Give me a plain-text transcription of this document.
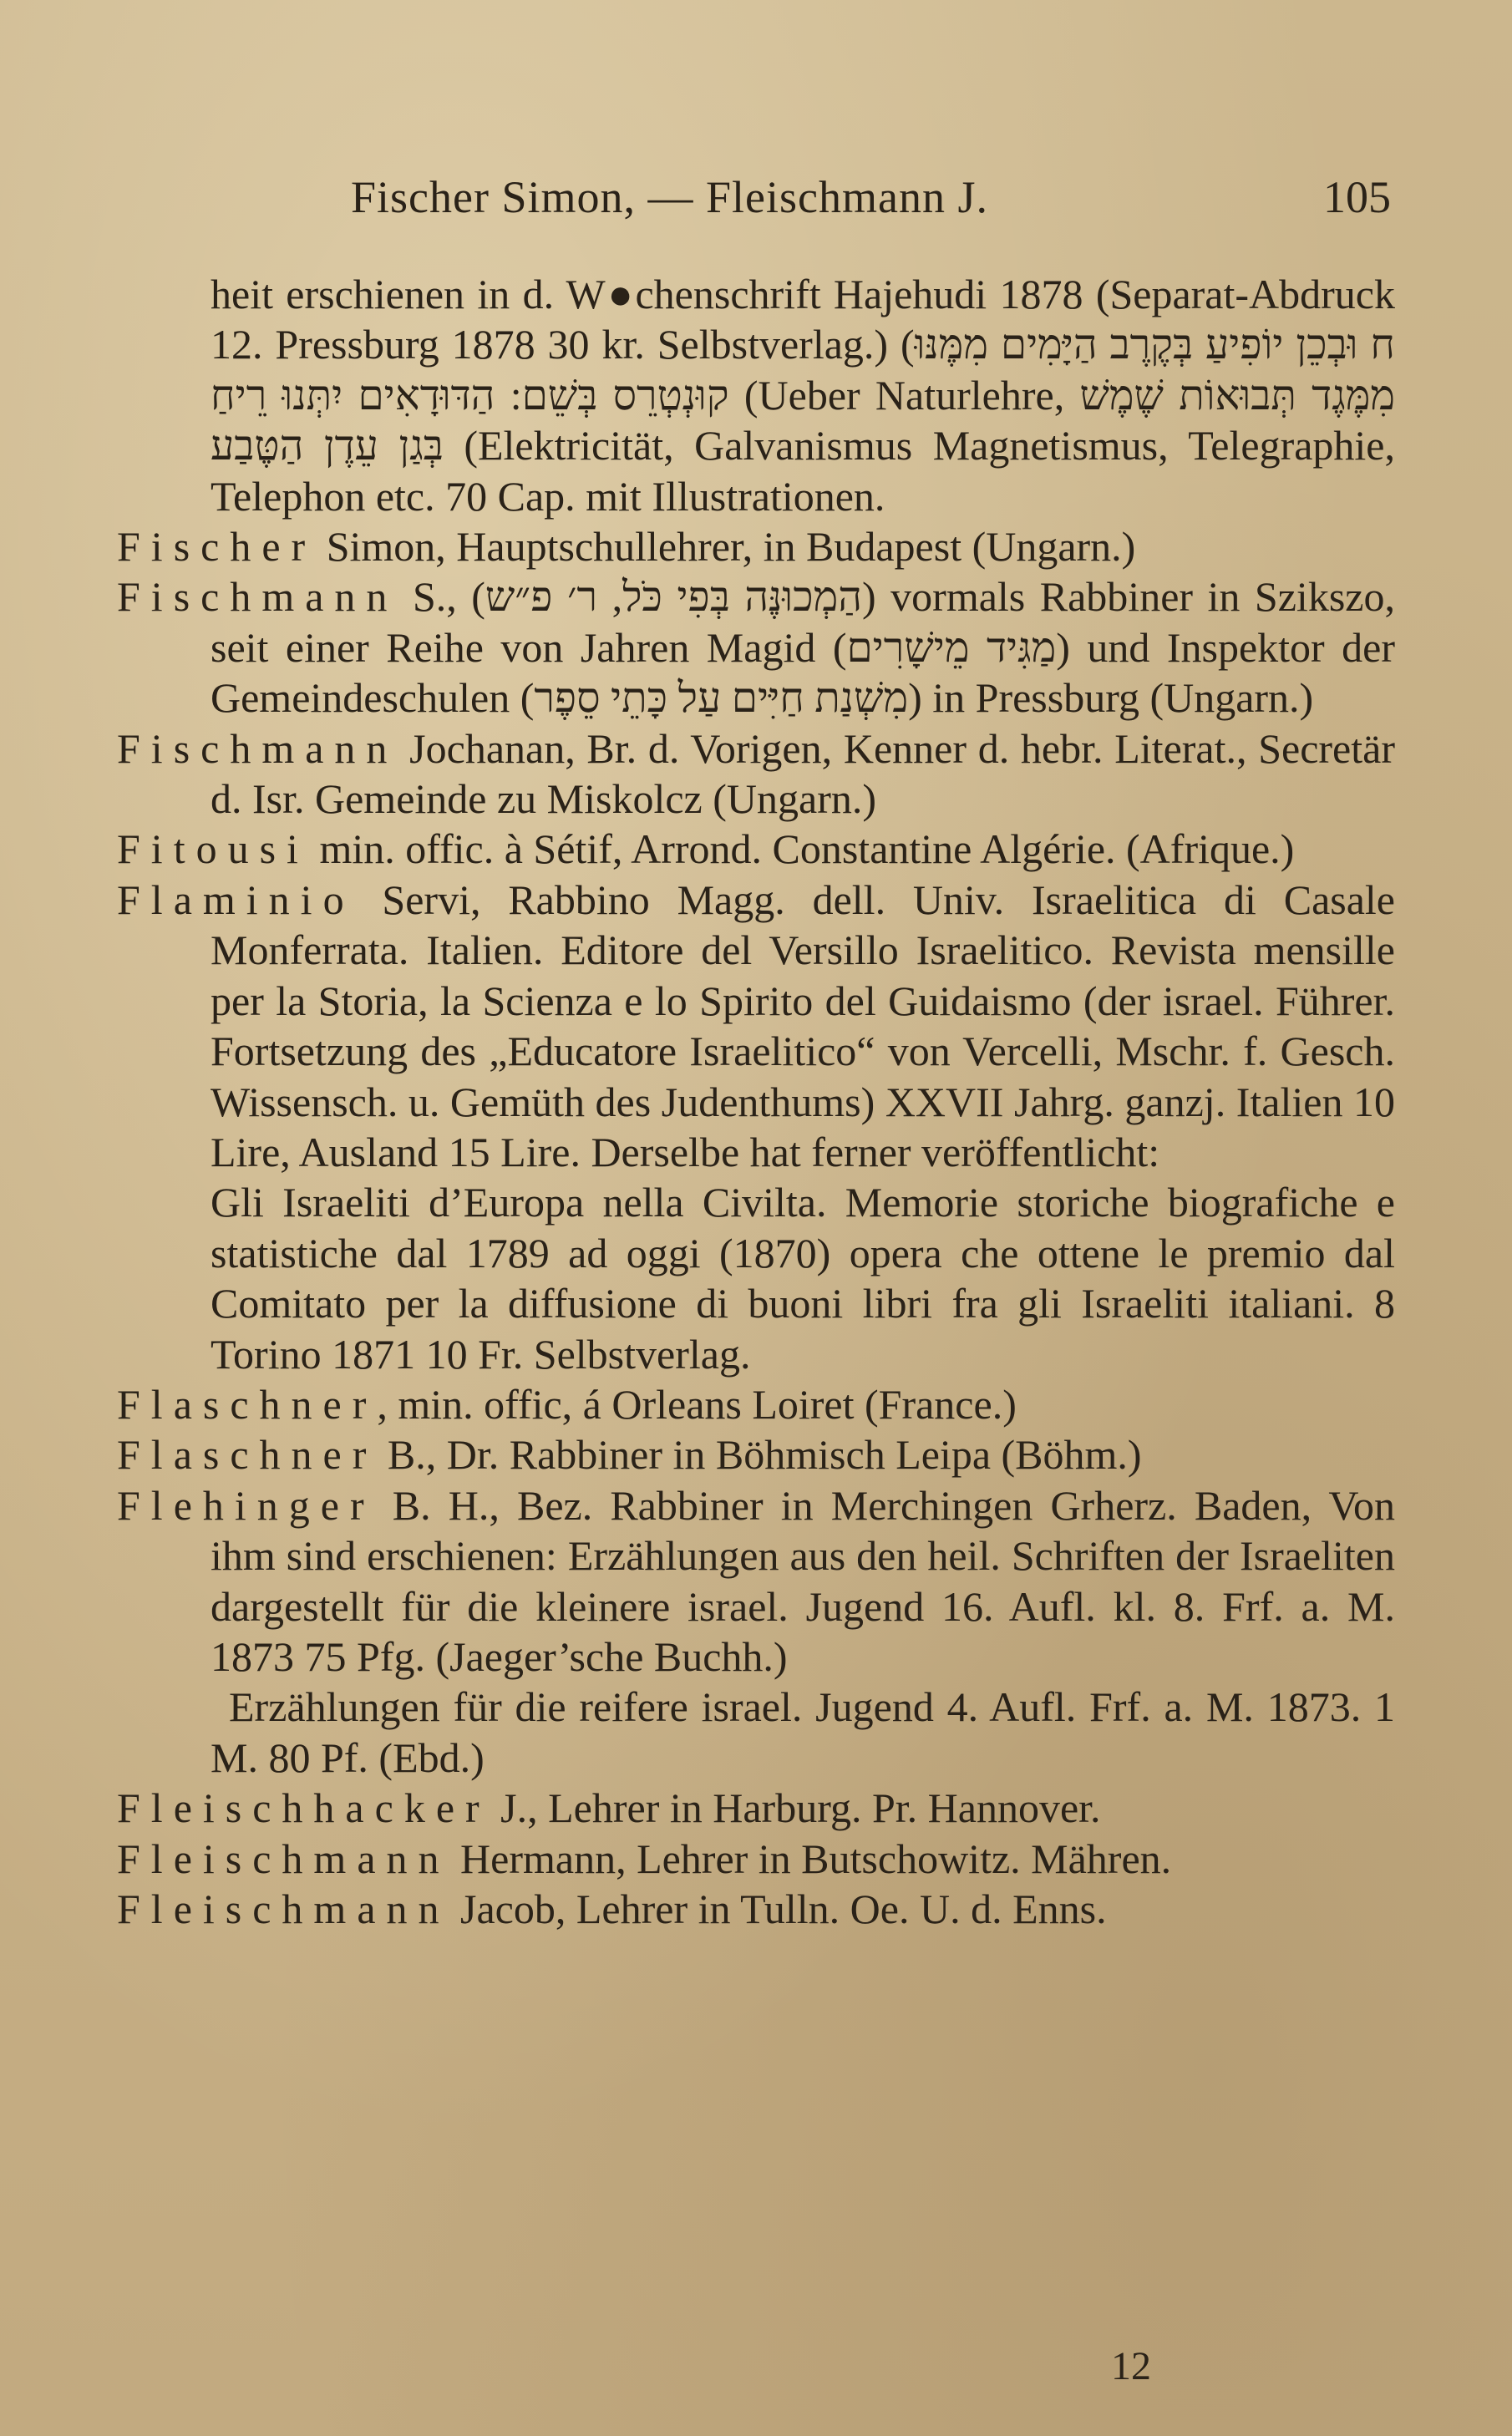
Fischer Simon, — Fleischmann J.	105

heit erschienen in d. W●chenschrift Hajehudi 1878 (Separat-Abdruck 12. Pressburg 1878 30 kr. Selbstverlag.) (ח וּבְכֵן יוֹפִיעַ בְּקֶרֶב הַיָּמִים מִמֶּנּוּ קוּנְטְרֵס בְּשֵׁם: הַדּוּדָאִים יִתְּנוּ רֵיחַ (Ueber Naturlehre, מִמֶּגֶד תְּבוּאוֹת שֶׁמֶשׁ בְּגַן עֵדֶן הַטֶּבַע (Elektricität, Galvanismus Magnetismus, Telegraphie, Telephon etc. 70 Cap. mit Illustrationen.

Fischer Simon, Hauptschullehrer, in Budapest (Ungarn.)

Fischmann S., (הַמְכוּנֶּה בְּפִי כֹּל, ר׳ פ״ש) vormals Rabbiner in Szikszo, seit einer Reihe von Jahren Magid (מַגִּיד מֵישָׁרִים) und Inspektor der Gemeindeschulen (מִשְׁנַת חַיִּים עַל כָּתֵי סֵפֶר) in Pressburg (Ungarn.)

Fischmann Jochanan, Br. d. Vorigen, Kenner d. hebr. Literat., Secretär d. Isr. Gemeinde zu Miskolcz (Ungarn.)

Fitousi min. offic. à Sétif, Arrond. Constantine Algérie. (Afrique.)

Flaminio Servi, Rabbino Magg. dell. Univ. Israelitica di Casale Monferrata. Italien. Editore del Versillo Israelitico. Revista mensille per la Storia, la Scienza e lo Spirito del Guidaismo (der israel. Führer. Fortsetzung des „Educatore Israelitico“ von Vercelli, Mschr. f. Gesch. Wissensch. u. Gemüth des Judenthums) XXVII Jahrg. ganzj. Italien 10 Lire, Ausland 15 Lire. Derselbe hat ferner veröffentlicht:

Gli Israeliti d’Europa nella Civilta. Memorie storiche biografiche e statistiche dal 1789 ad oggi (1870) opera che ottene le premio dal Comitato per la diffusione di buoni libri fra gli Israeliti italiani. 8 Torino 1871 10 Fr. Selbstverlag.

Flaschner, min. offic, á Orleans Loiret (France.)

Flaschner B., Dr. Rabbiner in Böhmisch Leipa (Böhm.)

Flehinger B. H., Bez. Rabbiner in Merchingen Grherz. Baden, Von ihm sind erschienen: Erzählungen aus den heil. Schriften der Israeliten dargestellt für die kleinere israel. Jugend 16. Aufl. kl. 8. Frf. a. M. 1873 75 Pfg. (Jaeger’sche Buchh.)

Erzählungen für die reifere israel. Jugend 4. Aufl. Frf. a. M. 1873. 1 M. 80 Pf. (Ebd.)

Fleischhacker J., Lehrer in Harburg. Pr. Hannover.

Fleischmann Hermann, Lehrer in Butschowitz. Mähren.

Fleischmann Jacob, Lehrer in Tulln. Oe. U. d. Enns.

12
